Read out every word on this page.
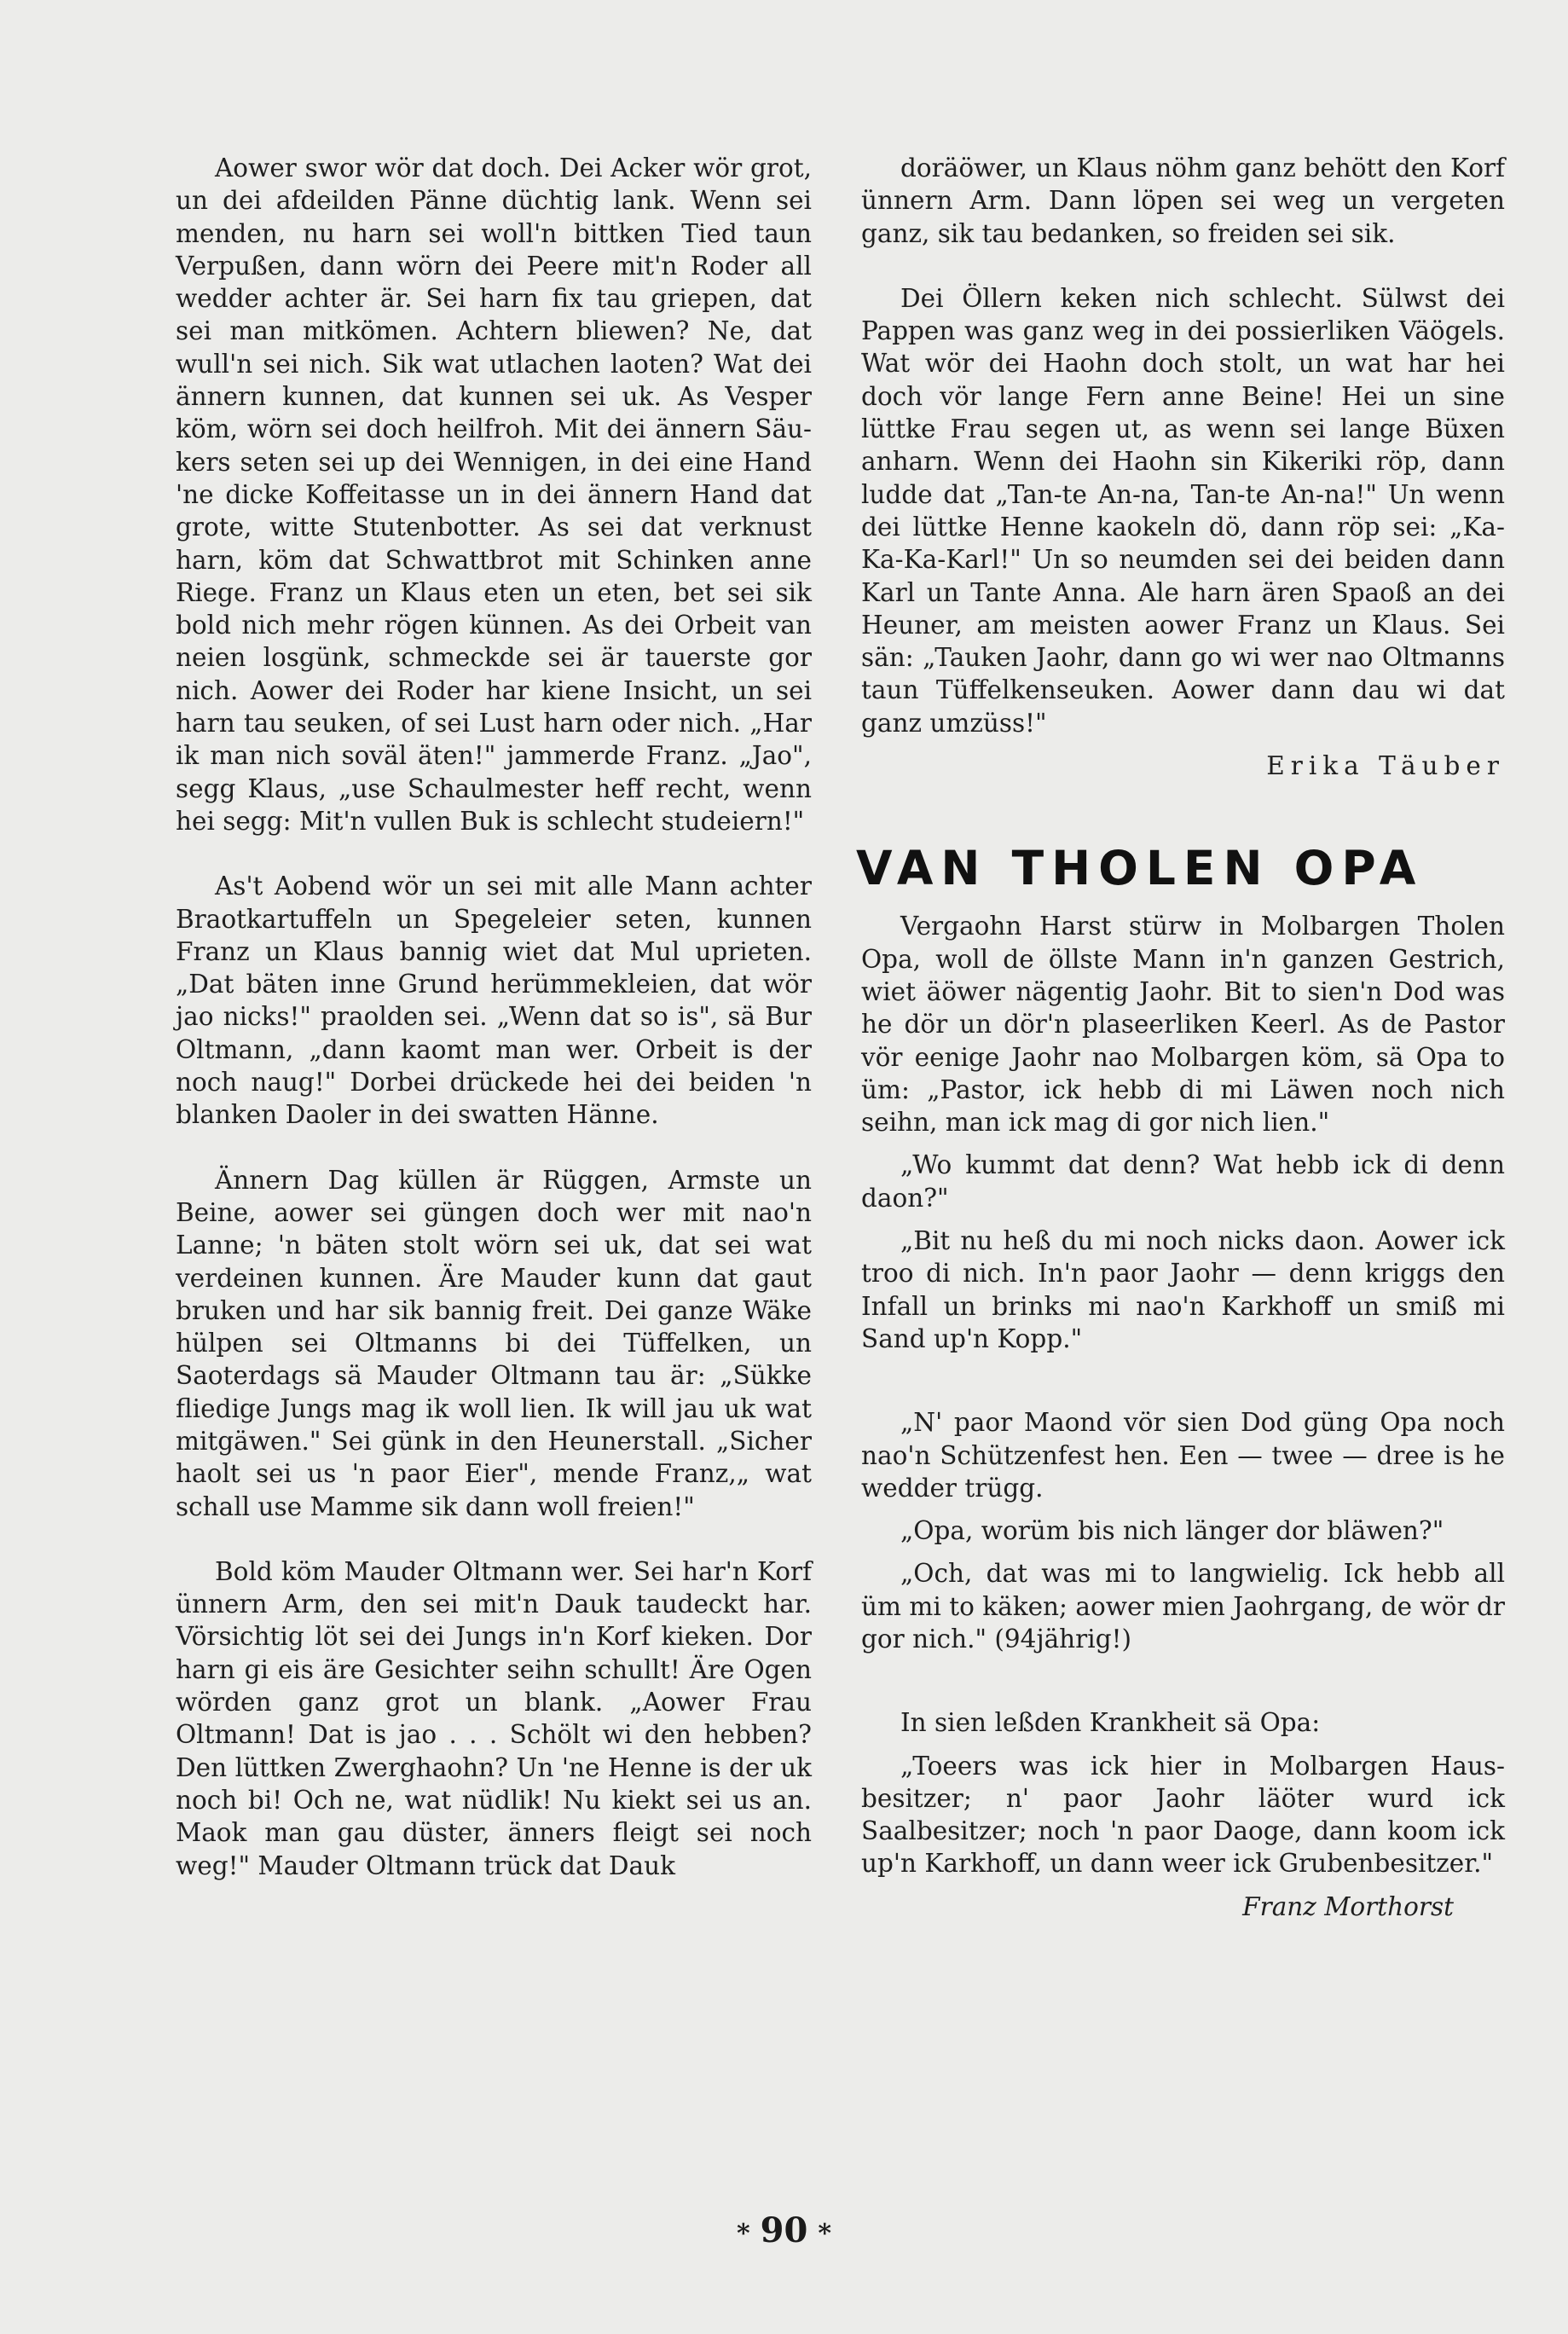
Aower swor wör dat doch. Dei Acker wör grot, un dei afdeilden Pänne düchtig lank. Wenn sei menden, nu harn sei woll'n bittken Tied taun Verpußen, dann wörn dei Peere mit'n Roder all wedder achter är. Sei harn fix tau griepen, dat sei man mitkömen. Achtern bliewen? Ne, dat wull'n sei nich. Sik wat utlachen laoten? Wat dei ännern kunnen, dat kunnen sei uk. As Vesper köm, wörn sei doch heilfroh. Mit dei ännern Säukers seten sei up dei Wennigen, in dei eine Hand 'ne dicke Koffeitasse un in dei ännern Hand dat grote, witte Stutenbotter. As sei dat verknust harn, köm dat Schwattbrot mit Schinken anne Riege. Franz un Klaus eten un eten, bet sei sik bold nich mehr rögen künnen. As dei Orbeit van neien losgünk, schmeckde sei är tauerste gor nich. Aower dei Roder har kiene Insicht, un sei harn tau seuken, of sei Lust harn oder nich. „Har ik man nich soväl äten!" jammerde Franz. „Jao", segg Klaus, „use Schaulmester heff recht, wenn hei segg: Mit'n vullen Buk is schlecht studeiern!"

As't Aobend wör un sei mit alle Mann achter Braotkartuffeln un Spegeleier seten, kunnen Franz un Klaus bannig wiet dat Mul uprieten. „Dat bäten inne Grund herümmekleien, dat wör jao nicks!" praolden sei. „Wenn dat so is", sä Bur Oltmann, „dann kaomt man wer. Orbeit is der noch naug!" Dorbei drückede hei dei beiden 'n blanken Daoler in dei swatten Hänne.

Ännern Dag küllen är Rüggen, Armste un Beine, aower sei güngen doch wer mit nao'n Lanne; 'n bäten stolt wörn sei uk, dat sei wat verdeinen kunnen. Äre Mauder kunn dat gaut bruken und har sik bannig freit. Dei ganze Wäke hülpen sei Oltmanns bi dei Tüffelken, un Saoterdags sä Mauder Oltmann tau är: „Sükke fliedige Jungs mag ik woll lien. Ik will jau uk wat mitgäwen." Sei günk in den Heunerstall. „Sicher haolt sei us 'n paor Eier", mende Franz,„ wat schall use Mamme sik dann woll freien!"

Bold köm Mauder Oltmann wer. Sei har'n Korf ünnern Arm, den sei mit'n Dauk taudeckt har. Vörsichtig löt sei dei Jungs in'n Korf kieken. Dor harn gi eis äre Gesichter seihn schullt! Äre Ogen wörden ganz grot un blank. „Aower Frau Oltmann! Dat is jao . . . Schölt wi den hebben? Den lüttken Zwerghaohn? Un 'ne Henne is der uk noch bi! Och ne, wat nüdlik! Nu kiekt sei us an. Maok man gau düster, änners fleigt sei noch weg!" Mauder Oltmann trück dat Dauk

doräöwer, un Klaus nöhm ganz behött den Korf ünnern Arm. Dann löpen sei weg un vergeten ganz, sik tau bedanken, so freiden sei sik.

Dei Öllern keken nich schlecht. Sülwst dei Pappen was ganz weg in dei possierliken Väögels. Wat wör dei Haohn doch stolt, un wat har hei doch vör lange Fern anne Beine! Hei un sine lüttke Frau segen ut, as wenn sei lange Büxen anharn. Wenn dei Haohn sin Kikeriki röp, dann ludde dat „Tan-te An-na, Tan-te An-na!" Un wenn dei lüttke Henne kaokeln dö, dann röp sei: „Ka-Ka-Ka-Karl!" Un so neumden sei dei beiden dann Karl un Tante Anna. Ale harn ären Spaoß an dei Heuner, am meisten aower Franz un Klaus. Sei sän: „Tauken Jaohr, dann go wi wer nao Oltmanns taun Tüffelkenseuken. Aower dann dau wi dat ganz umzüss!"

Erika Täuber

VAN THOLEN OPA

Vergaohn Harst stürw in Molbargen Tholen Opa, woll de öllste Mann in'n ganzen Gestrich, wiet äöwer nägentig Jaohr. Bit to sien'n Dod was he dör un dör'n plaseerliken Keerl. As de Pastor vör eenige Jaohr nao Molbargen köm, sä Opa to üm: „Pastor, ick hebb di mi Läwen noch nich seihn, man ick mag di gor nich lien."

„Wo kummt dat denn? Wat hebb ick di denn daon?"

„Bit nu heß du mi noch nicks daon. Aower ick troo di nich. In'n paor Jaohr — denn kriggs den Infall un brinks mi nao'n Karkhoff un smiß mi Sand up'n Kopp."

„N' paor Maond vör sien Dod güng Opa noch nao'n Schützenfest hen. Een — twee — dree is he wedder trügg.

„Opa, worüm bis nich länger dor bläwen?"

„Och, dat was mi to langwielig. Ick hebb all üm mi to käken; aower mien Jaohrgang, de wör dr gor nich." (94jährig!)

In sien leßden Krankheit sä Opa:

„Toeers was ick hier in Molbargen Hausbesitzer; n' paor Jaohr läöter wurd ick Saalbesitzer; noch 'n paor Daoge, dann koom ick up'n Karkhoff, un dann weer ick Grubenbesitzer."

Franz Morthorst

* 90 *
